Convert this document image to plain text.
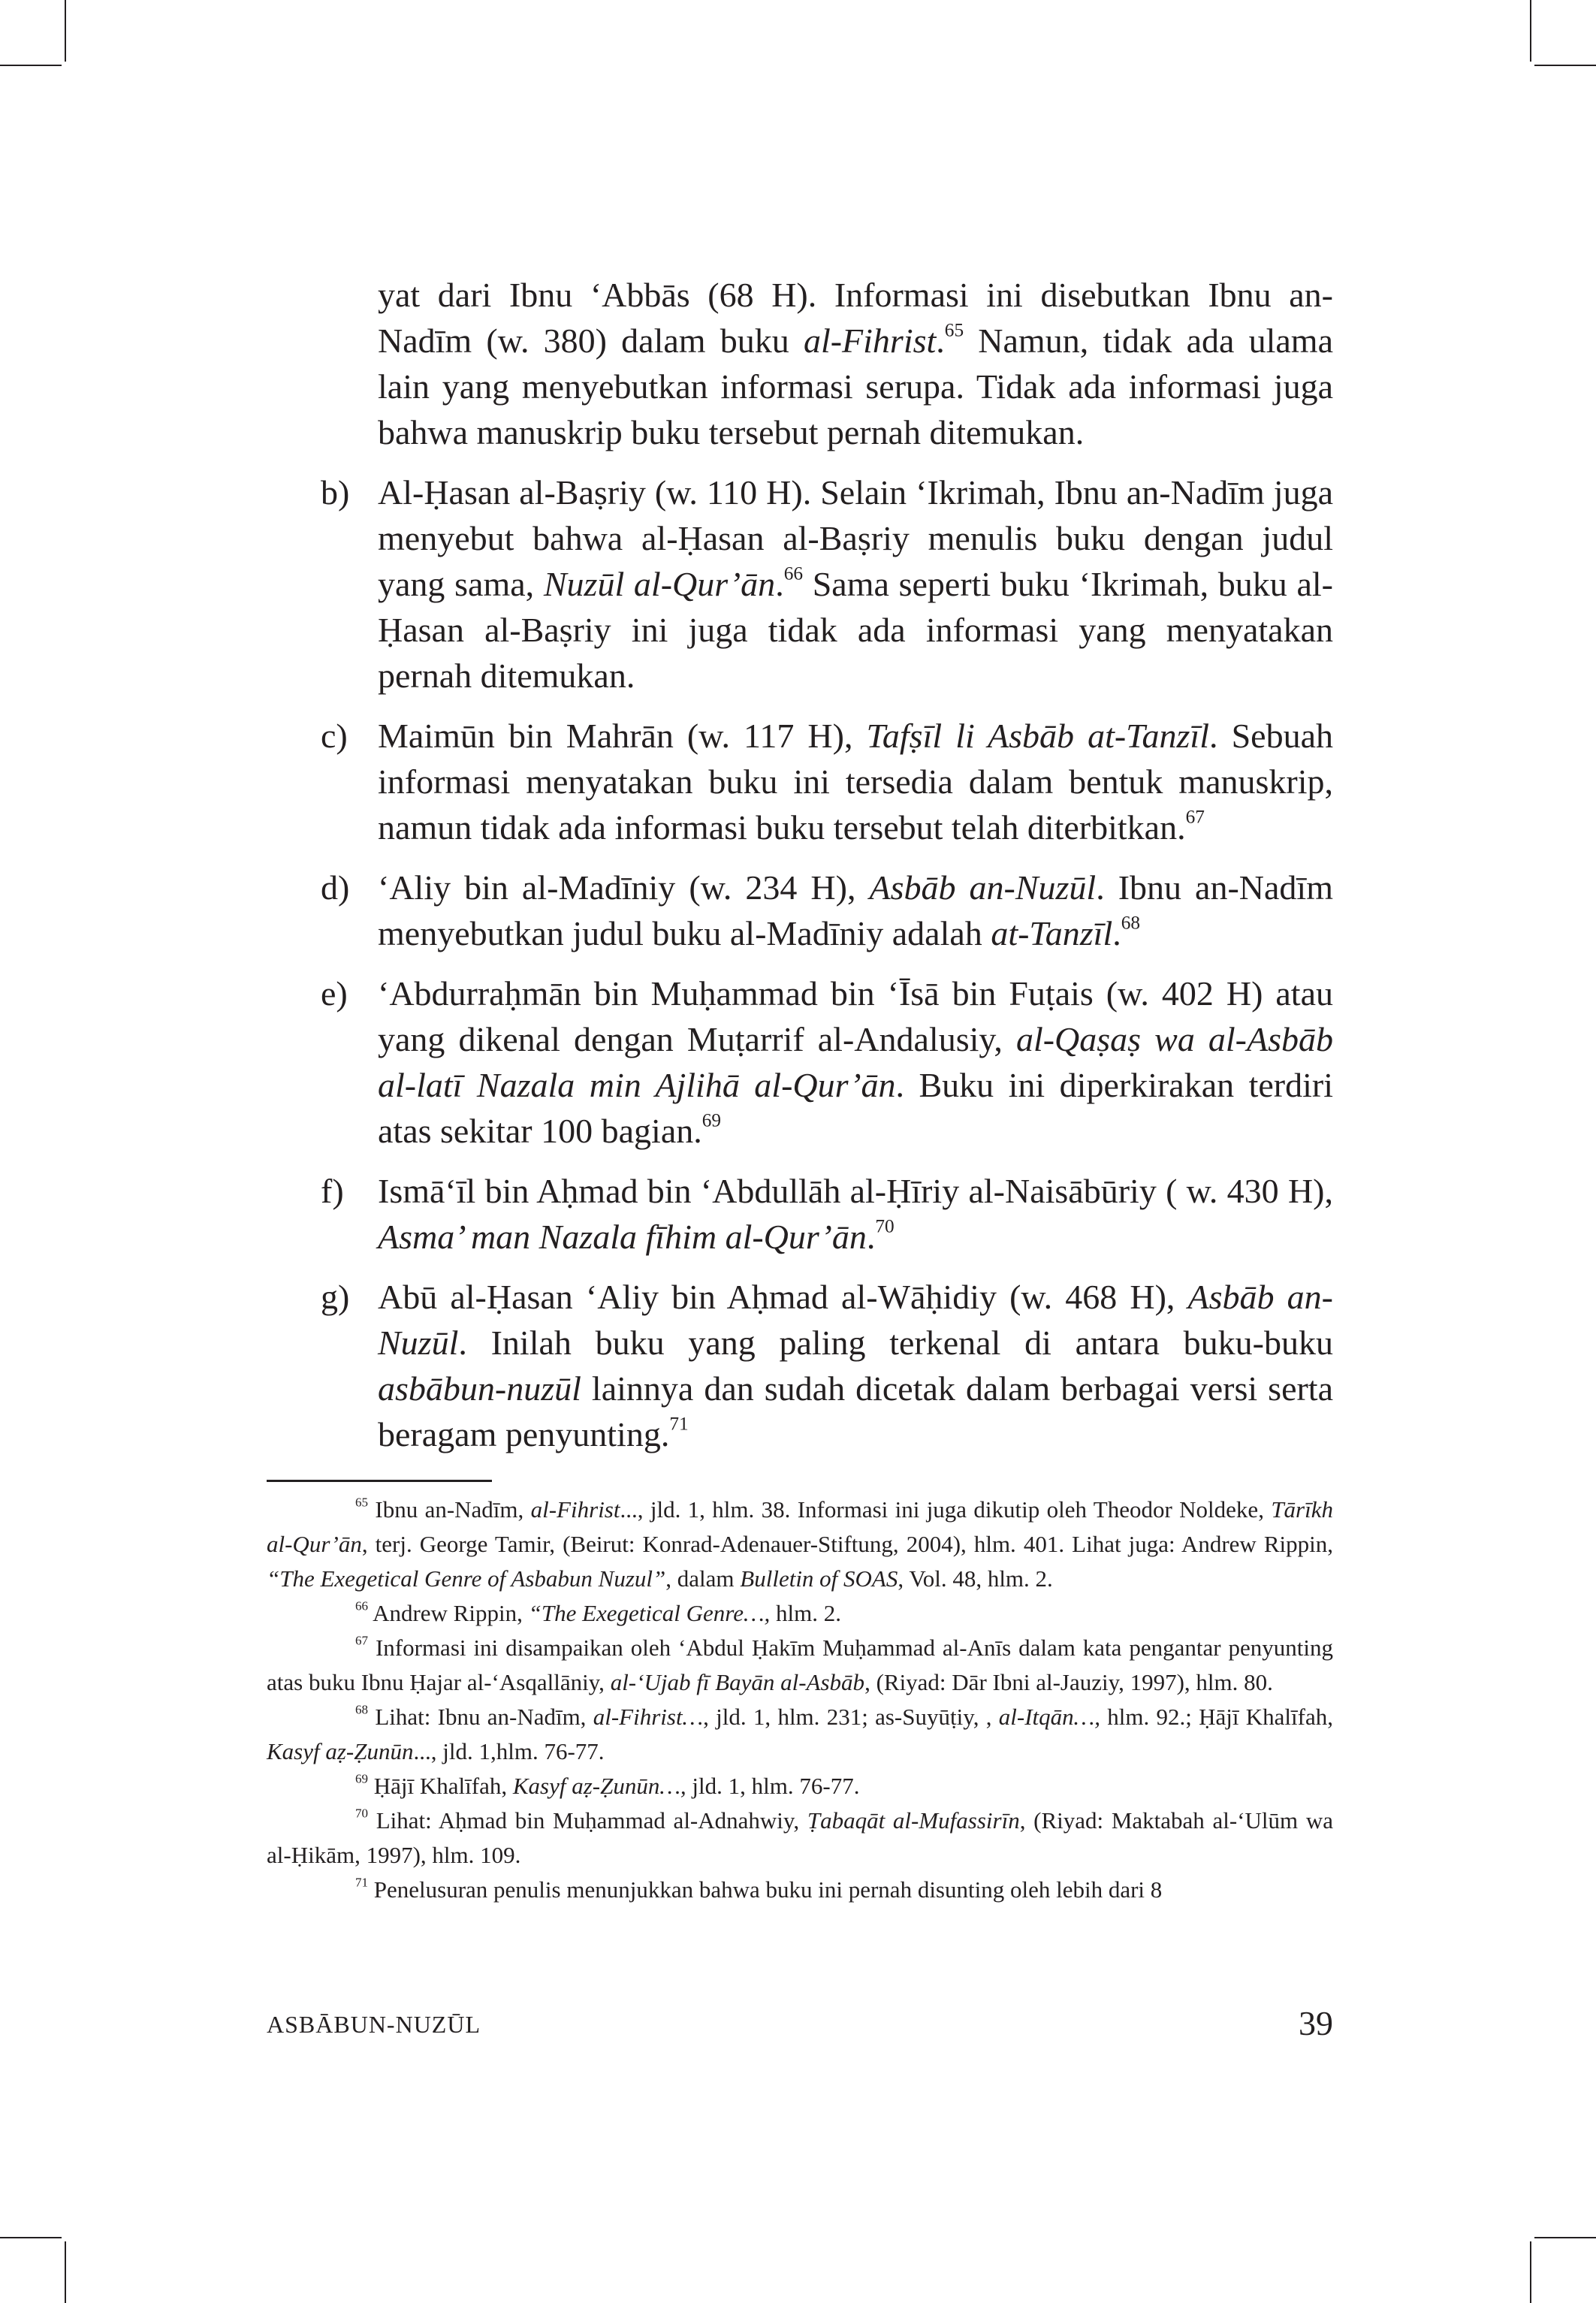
yat dari Ibnu ʻAbbās (68 H). Informasi ini disebutkan Ibnu an-Nadīm (w. 380) dalam buku al-Fihrist.$^{65}$ Namun, tidak ada ulama lain yang menyebutkan informasi serupa. Tidak ada informasi juga bahwa manuskrip buku tersebut pernah ditemukan.

b) Al-Ḥasan al-Baṣriy (w. 110 H). Selain ʻIkrimah, Ibnu an-Nadīm juga menyebut bahwa al-Ḥasan al-Baṣriy menulis buku dengan judul yang sama, Nuzūl al-Qur’ān.$^{66}$ Sama seperti buku ʻIkrimah, buku al-Ḥasan al-Baṣriy ini juga tidak ada informasi yang menyatakan pernah ditemukan.
c) Maimūn bin Mahrān (w. 117 H), Tafṣīl li Asbāb at-Tanzīl. Sebuah informasi menyatakan buku ini tersedia dalam bentuk manuskrip, namun tidak ada informasi buku tersebut telah diterbitkan.$^{67}$
d) ʻAliy bin al-Madīniy (w. 234 H), Asbāb an-Nuzūl. Ibnu an-Nadīm menyebutkan judul buku al-Madīniy adalah at-Tanzīl.$^{68}$
e) ʻAbdurraḥmān bin Muḥammad bin ʻĪsā bin Fuṭais (w. 402 H) atau yang dikenal dengan Muṭarrif al-Andalusiy, al-Qaṣaṣ wa al-Asbāb al-latī Nazala min Ajlihā al-Qur’ān. Buku ini diperkirakan terdiri atas sekitar 100 bagian.$^{69}$
f) Ismāʻīl bin Aḥmad bin ʻAbdullāh al-Ḥīriy al-Naisābūriy ( w. 430 H), Asma’ man Nazala fīhim al-Qur’ān.$^{70}$
g) Abū al-Ḥasan ʻAliy bin Aḥmad al-Wāḥidiy (w. 468 H), Asbāb an-Nuzūl. Inilah buku yang paling terkenal di antara buku-buku asbābun-nuzūl lainnya dan sudah dicetak dalam berbagai versi serta beragam penyunting.$^{71}$

$^{65}$ Ibnu an-Nadīm, al-Fihrist..., jld. 1, hlm. 38. Informasi ini juga dikutip oleh Theodor Noldeke, Tārīkh al-Qur’ān, terj. George Tamir, (Beirut: Konrad-Adenauer-Stiftung, 2004), hlm. 401. Lihat juga: Andrew Rippin, “The Exegetical Genre of Asbabun Nuzul”, dalam Bulletin of SOAS, Vol. 48, hlm. 2.

$^{66}$ Andrew Rippin, “The Exegetical Genre…, hlm. 2.

$^{67}$ Informasi ini disampaikan oleh ʻAbdul Ḥakīm Muḥammad al-Anīs dalam kata pengantar penyunting atas buku Ibnu Ḥajar al-ʻAsqallāniy, al-ʻUjab fī Bayān al-Asbāb, (Riyad: Dār Ibni al-Jauziy, 1997), hlm. 80.

$^{68}$ Lihat: Ibnu an-Nadīm, al-Fihrist…, jld. 1, hlm. 231; as-Suyūṭiy, , al-Itqān…, hlm. 92.; Ḥājī Khalīfah, Kasyf aẓ-Ẓunūn..., jld. 1,hlm. 76-77.

$^{69}$ Ḥājī Khalīfah, Kasyf aẓ-Ẓunūn…, jld. 1, hlm. 76-77.

$^{70}$ Lihat: Aḥmad bin Muḥammad al-Adnahwiy, Ṭabaqāt al-Mufassirīn, (Riyad: Maktabah al-ʻUlūm wa al-Ḥikām, 1997), hlm. 109.

$^{71}$ Penelusuran penulis menunjukkan bahwa buku ini pernah disunting oleh lebih dari 8

ASBĀBUN-NUZŪL	39
